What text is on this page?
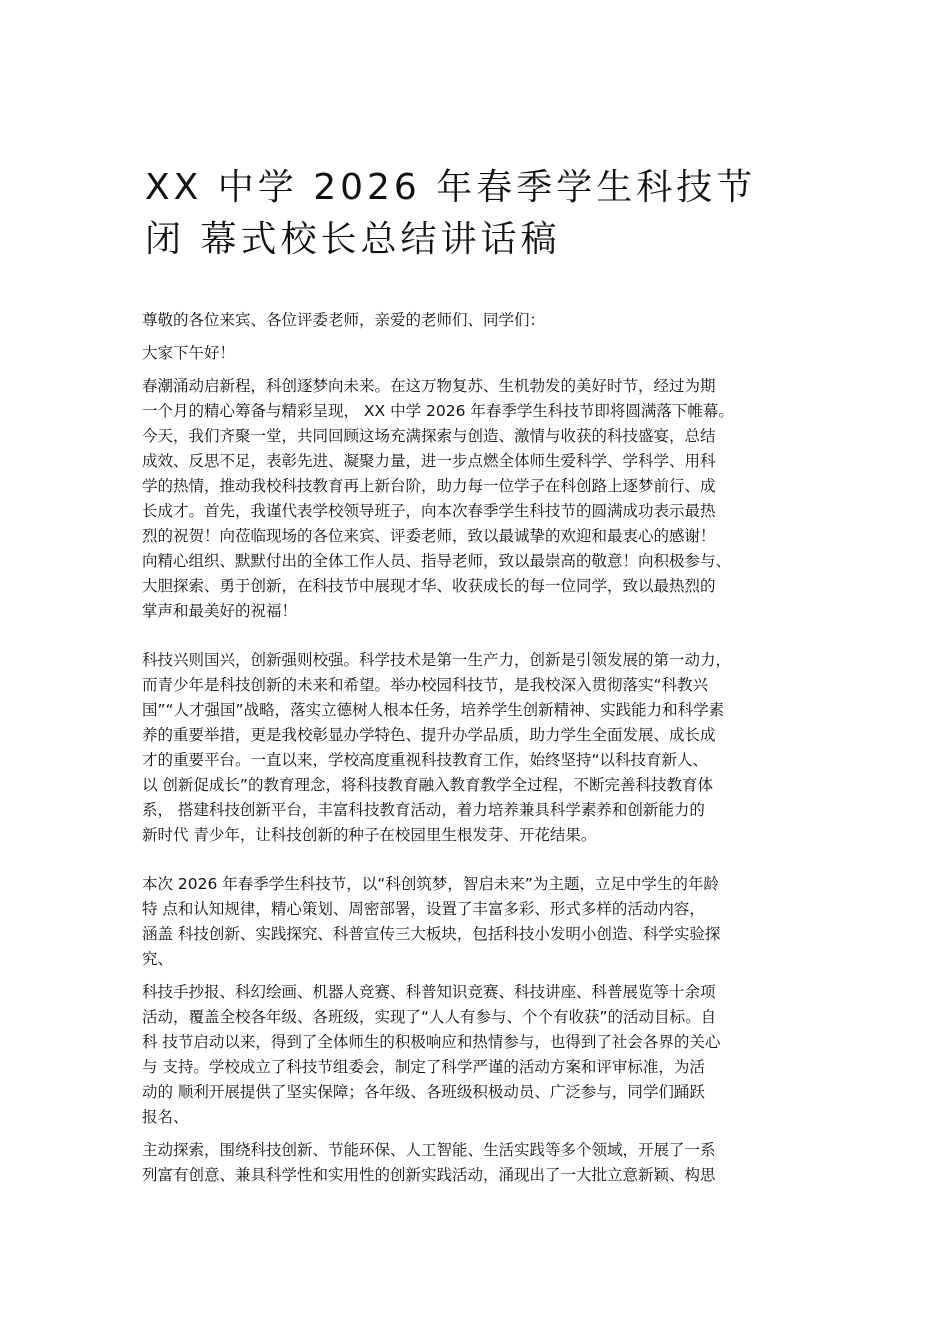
XX 中学 2026 年春季学生科技节
闭 幕式校长总结讲话稿
尊敬的各位来宾、各位评委老师，亲爱的老师们、同学们：
大家下午好！
春潮涌动启新程，科创逐梦向未来。在这万物复苏、生机勃发的美好时节，经过为期
一个月的精心筹备与精彩呈现， XX 中学 2026 年春季学生科技节即将圆满落下帷幕。
今天，我们齐聚一堂，共同回顾这场充满探索与创造、激情与收获的科技盛宴，总结
成效、反思不足，表彰先进、凝聚力量，进一步点燃全体师生爱科学、学科学、用科
学的热情，推动我校科技教育再上新台阶，助力每一位学子在科创路上逐梦前行、成
长成才。首先，我谨代表学校领导班子，向本次春季学生科技节的圆满成功表示最热
烈的祝贺！向莅临现场的各位来宾、评委老师，致以最诚挚的欢迎和最衷心的感谢！
向精心组织、默默付出的全体工作人员、指导老师，致以最崇高的敬意！向积极参与、
大胆探索、勇于创新，在科技节中展现才华、收获成长的每一位同学，致以最热烈的
掌声和最美好的祝福！
科技兴则国兴，创新强则校强。科学技术是第一生产力，创新是引领发展的第一动力，
而青少年是科技创新的未来和希望。举办校园科技节，是我校深入贯彻落实“科教兴
国”“人才强国”战略，落实立德树人根本任务，培养学生创新精神、实践能力和科学素
养的重要举措，更是我校彰显办学特色、提升办学品质，助力学生全面发展、成长成
才的重要平台。一直以来，学校高度重视科技教育工作，始终坚持“以科技育新人、
以 创新促成长”的教育理念，将科技教育融入教育教学全过程，不断完善科技教育体
系， 搭建科技创新平台，丰富科技教育活动，着力培养兼具科学素养和创新能力的
新时代 青少年，让科技创新的种子在校园里生根发芽、开花结果。
本次 2026 年春季学生科技节，以“科创筑梦，智启未来”为主题，立足中学生的年龄
特 点和认知规律，精心策划、周密部署，设置了丰富多彩、形式多样的活动内容，
涵盖 科技创新、实践探究、科普宣传三大板块，包括科技小发明小创造、科学实验探
究、
科技手抄报、科幻绘画、机器人竞赛、科普知识竞赛、科技讲座、科普展览等十余项
活动，覆盖全校各年级、各班级，实现了“人人有参与、个个有收获”的活动目标。自
科 技节启动以来，得到了全体师生的积极响应和热情参与，也得到了社会各界的关心
与 支持。学校成立了科技节组委会，制定了科学严谨的活动方案和评审标准，为活
动的 顺利开展提供了坚实保障；各年级、各班级积极动员、广泛参与，同学们踊跃
报名、
主动探索，围绕科技创新、节能环保、人工智能、生活实践等多个领域，开展了一系
列富有创意、兼具科学性和实用性的创新实践活动，涌现出了一大批立意新颖、构思
